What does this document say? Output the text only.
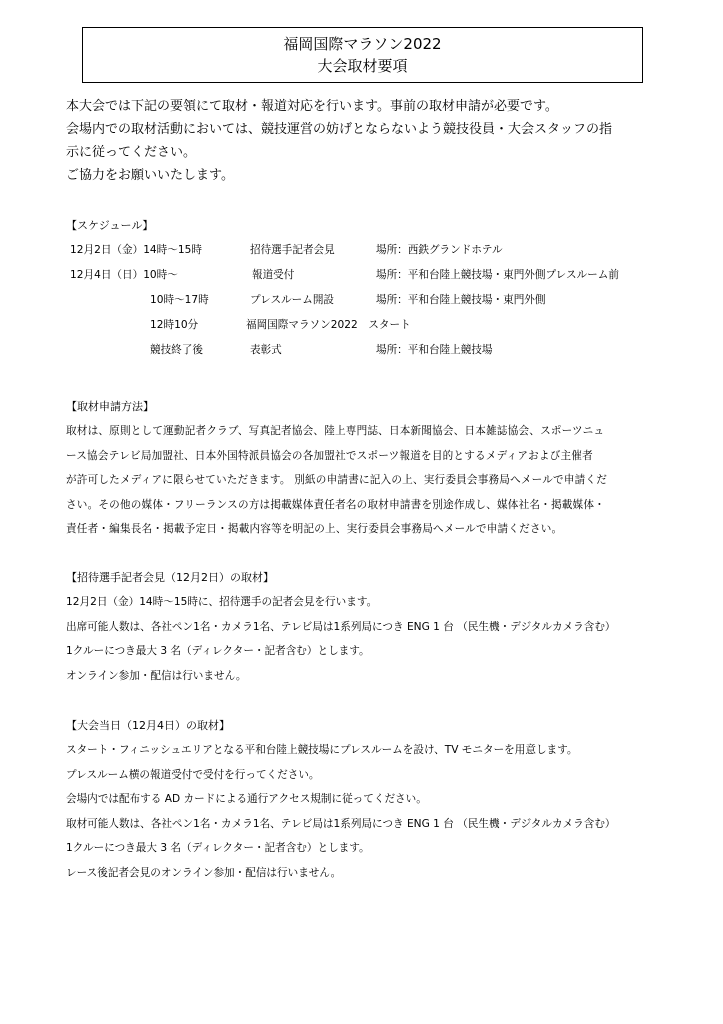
福岡国際マラソン2022
大会取材要項
本大会では下記の要領にて取材・報道対応を行います。事前の取材申請が必要です。
会場内での取材活動においては、競技運営の妨げとならないよう競技役員・大会スタッフの指
示に従ってください。
ご協力をお願いいたします。
【スケジュール】
12月2日（金）14時～15時	招待選手記者会見	場所：西鉄グランドホテル
12月4日（日）10時～	報道受付	場所：平和台陸上競技場・東門外側プレスルーム前
10時～17時	プレスルーム開設	場所：平和台陸上競技場・東門外側
12時10分	福岡国際マラソン2022　スタート
競技終了後	表彰式	場所：平和台陸上競技場
【取材申請方法】
取材は、原則として運動記者クラブ、写真記者協会、陸上専門誌、日本新聞協会、日本雑誌協会、スポーツニュ
ース協会テレビ局加盟社、日本外国特派員協会の各加盟社でスポーツ報道を目的とするメディアおよび主催者
が許可したメディアに限らせていただきます。 別紙の申請書に記入の上、実行委員会事務局へメールで申請くだ
さい。その他の媒体・フリーランスの方は掲載媒体責任者名の取材申請書を別途作成し、媒体社名・掲載媒体・
責任者・編集長名・掲載予定日・掲載内容等を明記の上、実行委員会事務局へメールで申請ください。
【招待選手記者会見（12月2日）の取材】
12月2日（金）14時～15時に、招待選手の記者会見を行います。
出席可能人数は、各社ペン1名・カメラ1名、テレビ局は1系列局につき ENG 1 台 （民生機・デジタルカメラ含む）
1クルーにつき最大 3 名（ディレクター・記者含む）とします。
オンライン参加・配信は行いません。
【大会当日（12月4日）の取材】
スタート・フィニッシュエリアとなる平和台陸上競技場にプレスルームを設け、TV モニターを用意します。
プレスルーム横の報道受付で受付を行ってください。
会場内では配布する AD カードによる通行アクセス規制に従ってください。
取材可能人数は、各社ペン1名・カメラ1名、テレビ局は1系列局につき ENG 1 台 （民生機・デジタルカメラ含む）
1クルーにつき最大 3 名（ディレクター・記者含む）とします。
レース後記者会見のオンライン参加・配信は行いません。
